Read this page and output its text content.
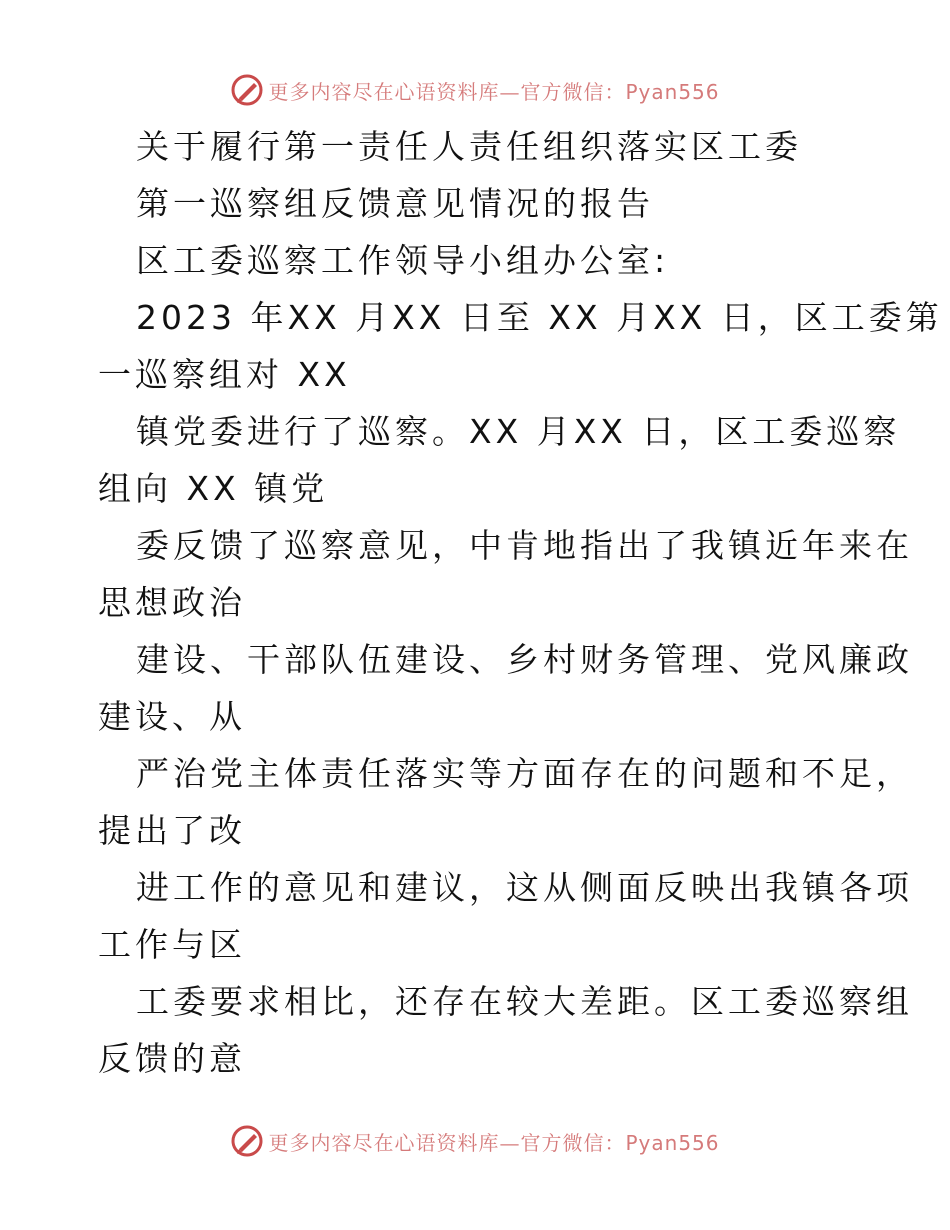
更多内容尽在心语资料库—官方微信：Pyan556
关于履行第一责任人责任组织落实区工委
第一巡察组反馈意见情况的报告
区工委巡察工作领导小组办公室:
2023 年XX 月XX 日至 XX 月XX 日，区工委第
一巡察组对 XX
镇党委进行了巡察。XX 月XX 日，区工委巡察
组向 XX 镇党
委反馈了巡察意见，中肯地指出了我镇近年来在
思想政治
建设、干部队伍建设、乡村财务管理、党风廉政
建设、从
严治党主体责任落实等方面存在的问题和不足，
提出了改
进工作的意见和建议，这从侧面反映出我镇各项
工作与区
工委要求相比，还存在较大差距。区工委巡察组
反馈的意
更多内容尽在心语资料库—官方微信：Pyan556
